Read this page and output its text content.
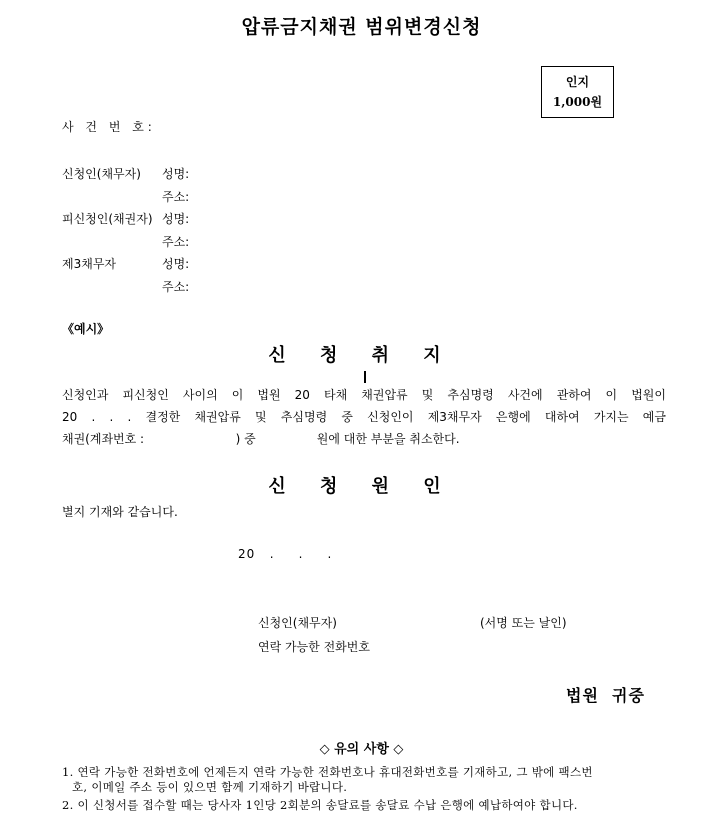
압류금지채권 범위변경신청
인지
1,000원
사 건 번 호:
신청인(채무자) 성명:
주소:
피신청인(채권자) 성명:
주소:
제3채무자	성명:
주소:
《예시》
신 청 취 지
신청인과 피신청인 사이의 이 법원 20 타채 채권압류 및 추심명령 사건에 관하여 이 법원이
20 . . . 결정한 채권압류 및 추심명령 중 신청인이 제3채무자 은행에 대하여 가지는 예금
채권(계좌번호 :                        ) 중                원에 대한 부분을 취소한다.
신 청 원 인
별지 기재와 같습니다.
20   .     .     .
신청인(채무자)	(서명 또는 날인)
연락 가능한 전화번호
법원  귀중
◇ 유의 사항 ◇
1. 연락 가능한 전화번호에 언제든지 연락 가능한 전화번호나 휴대전화번호를 기재하고, 그 밖에 팩스번
호, 이메일 주소 등이 있으면 함께 기재하기 바랍니다.
2. 이 신청서를 접수할 때는 당사자 1인당 2회분의 송달료를 송달료 수납 은행에 예납하여야 합니다.
